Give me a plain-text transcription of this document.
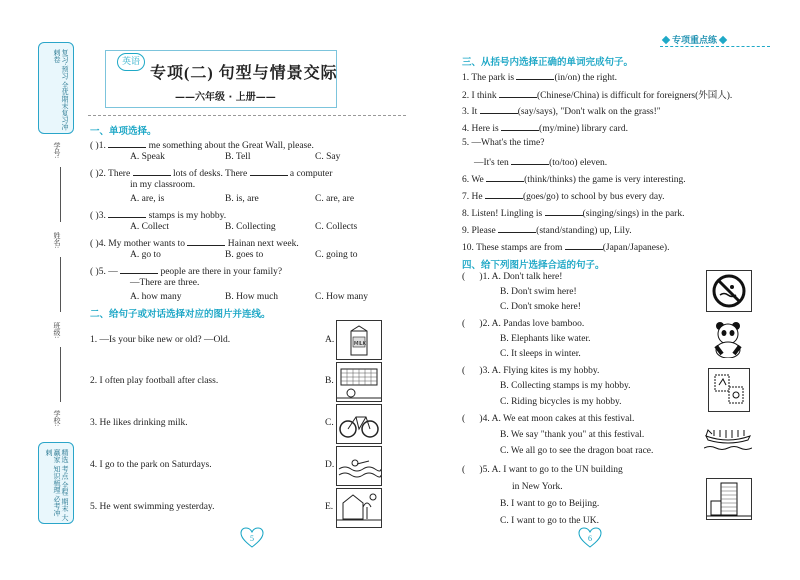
复习·预习 全优期末复习冲刺卷
学号:
姓名:
班级:
学校:
精选 考点 全程 期末 大赢家 知识梳理 必考冲刺
英语
专项(二) 句型与情景交际
——六年级 · 上册——
专项重点练
一、单项选择。
( )1.	me something about the Great Wall, please.
A. Speak	B. Tell	C. Say
( )2. There	lots of desks. There	a computer
in my classroom.
A. are, is	B. is, are	C. are, are
( )3.	stamps is my hobby.
A. Collect	B. Collecting	C. Collects
( )4. My mother wants to	Hainan next week.
A. go to	B. goes to	C. going to
( )5. —	people are there in your family?
—There are three.
A. how many	B. How much	C. How many
二、给句子或对话选择对应的图片并连线。
1. —Is your bike new or old? —Old.	A.	MILK
2. I often play football after class.	B.
3. He likes drinking milk.	C.
4. I go to the park on Saturdays.	D.
5. He went swimming yesterday.	E.
5
三、从括号内选择正确的单词完成句子。
1. The park is	(in/on) the right.
2. I think	(Chinese/China) is difficult for foreigners(外国人).
3. It	(say/says), "Don't walk on the grass!"
4. Here is	(my/mine) library card.
5. —What's the time?
—It's ten	(to/too) eleven.
6. We	(think/thinks) the game is very interesting.
7. He	(goes/go) to school by bus every day.
8. Listen! Lingling is	(singing/sings) in the park.
9. Please	(stand/standing) up, Lily.
10. These stamps are from	(Japan/Japanese).
四、给下列图片选择合适的句子。
(      )1. A. Don't talk here!
B. Don't swim here!
C. Don't smoke here!
(      )2. A. Pandas love bamboo.
B. Elephants like water.
C. It sleeps in winter.
(      )3. A. Flying kites is my hobby.
B. Collecting stamps is my hobby.
C. Riding bicycles is my hobby.
(      )4. A. We eat moon cakes at this festival.
B. We say "thank you" at this festival.
C. We all go to see the dragon boat race.
(      )5. A. I want to go to the UN building
in New York.
B. I want to go to Beijing.
C. I want to go to the UK.
6
